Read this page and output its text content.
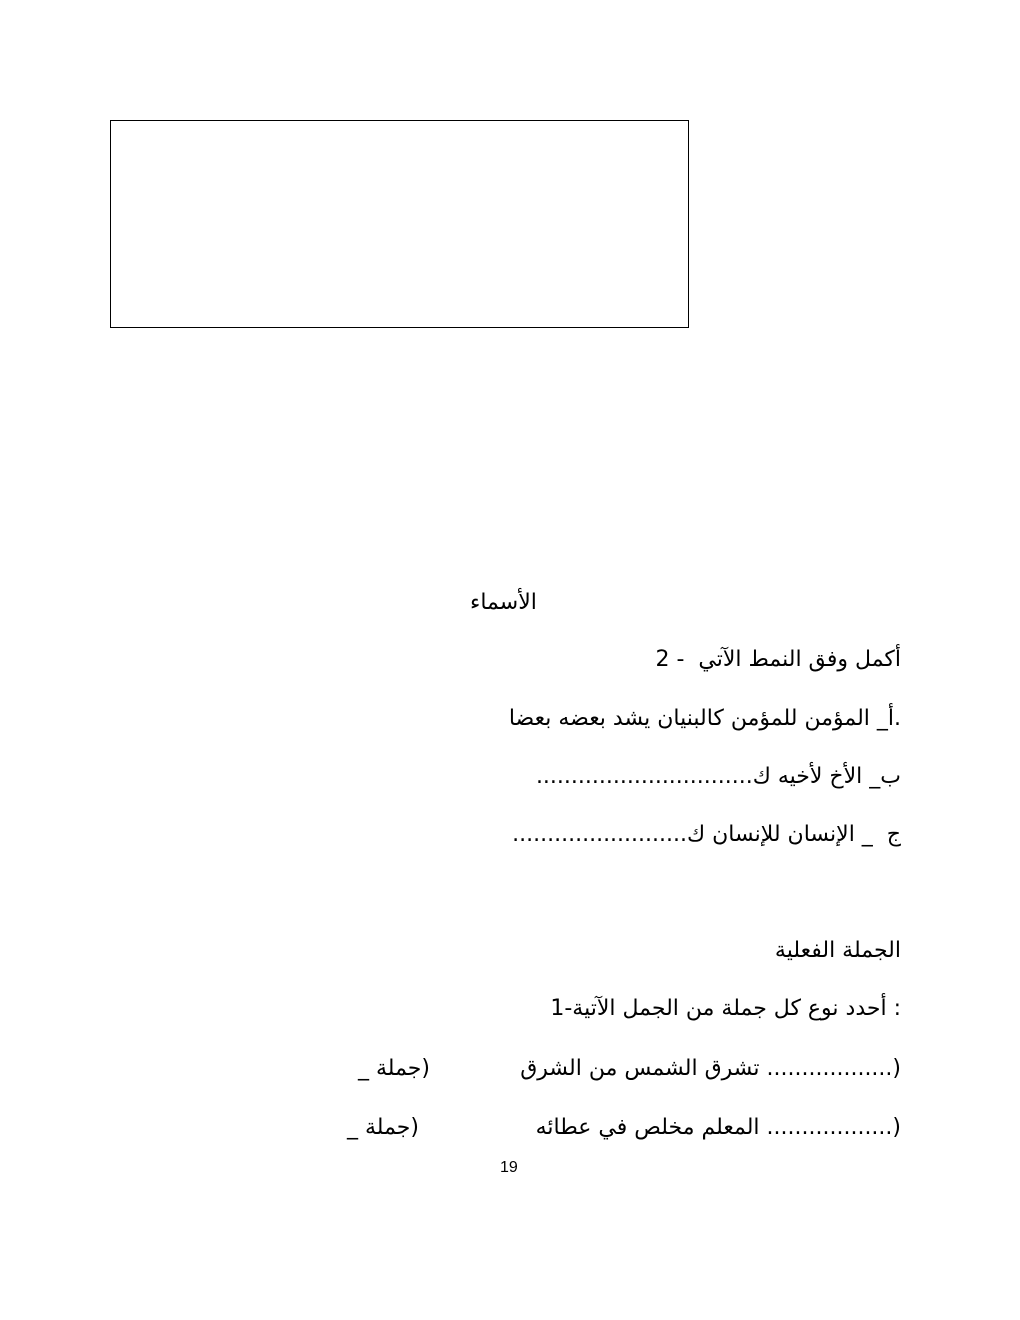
الأسماء
أكمل وفق النمط الآتي  - 2
.أ_ المؤمن للمؤمن كالبنيان يشد بعضه بعضا
ب_ الأخ لأخيه ك...............................
ج  _ الإنسان للإنسان ك.........................
الجملة الفعلية
: أحدد نوع كل جملة من الجمل الآتية-1
(.................. تشرق الشمس من الشرق
(جملة _
(.................. المعلم مخلص في عطائه
(جملة _
19
